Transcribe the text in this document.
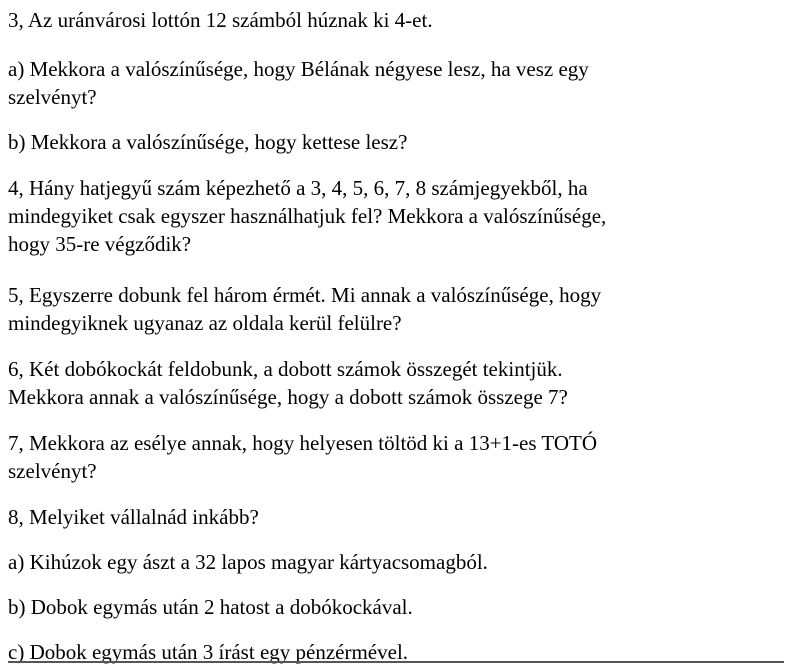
3, Az uránvárosi lottón 12 számból húznak ki 4-et.

a) Mekkora a valószínűsége, hogy Bélának négyese lesz, ha vesz egy
szelvényt?

b) Mekkora a valószínűsége, hogy kettese lesz?

4, Hány hatjegyű szám képezhető a 3, 4, 5, 6, 7, 8 számjegyekből, ha
mindegyiket csak egyszer használhatjuk fel? Mekkora a valószínűsége,
hogy 35-re végződik?

5, Egyszerre dobunk fel három érmét. Mi annak a valószínűsége, hogy
mindegyiknek ugyanaz az oldala kerül felülre?

6, Két dobókockát feldobunk, a dobott számok összegét tekintjük.
Mekkora annak a valószínűsége, hogy a dobott számok összege 7?

7, Mekkora az esélye annak, hogy helyesen töltöd ki a 13+1-es TOTÓ
szelvényt?

8, Melyiket vállalnád inkább?

a) Kihúzok egy ászt a 32 lapos magyar kártyacsomagból.

b) Dobok egymás után 2 hatost a dobókockával.

c) Dobok egymás után 3 írást egy pénzérmével.
